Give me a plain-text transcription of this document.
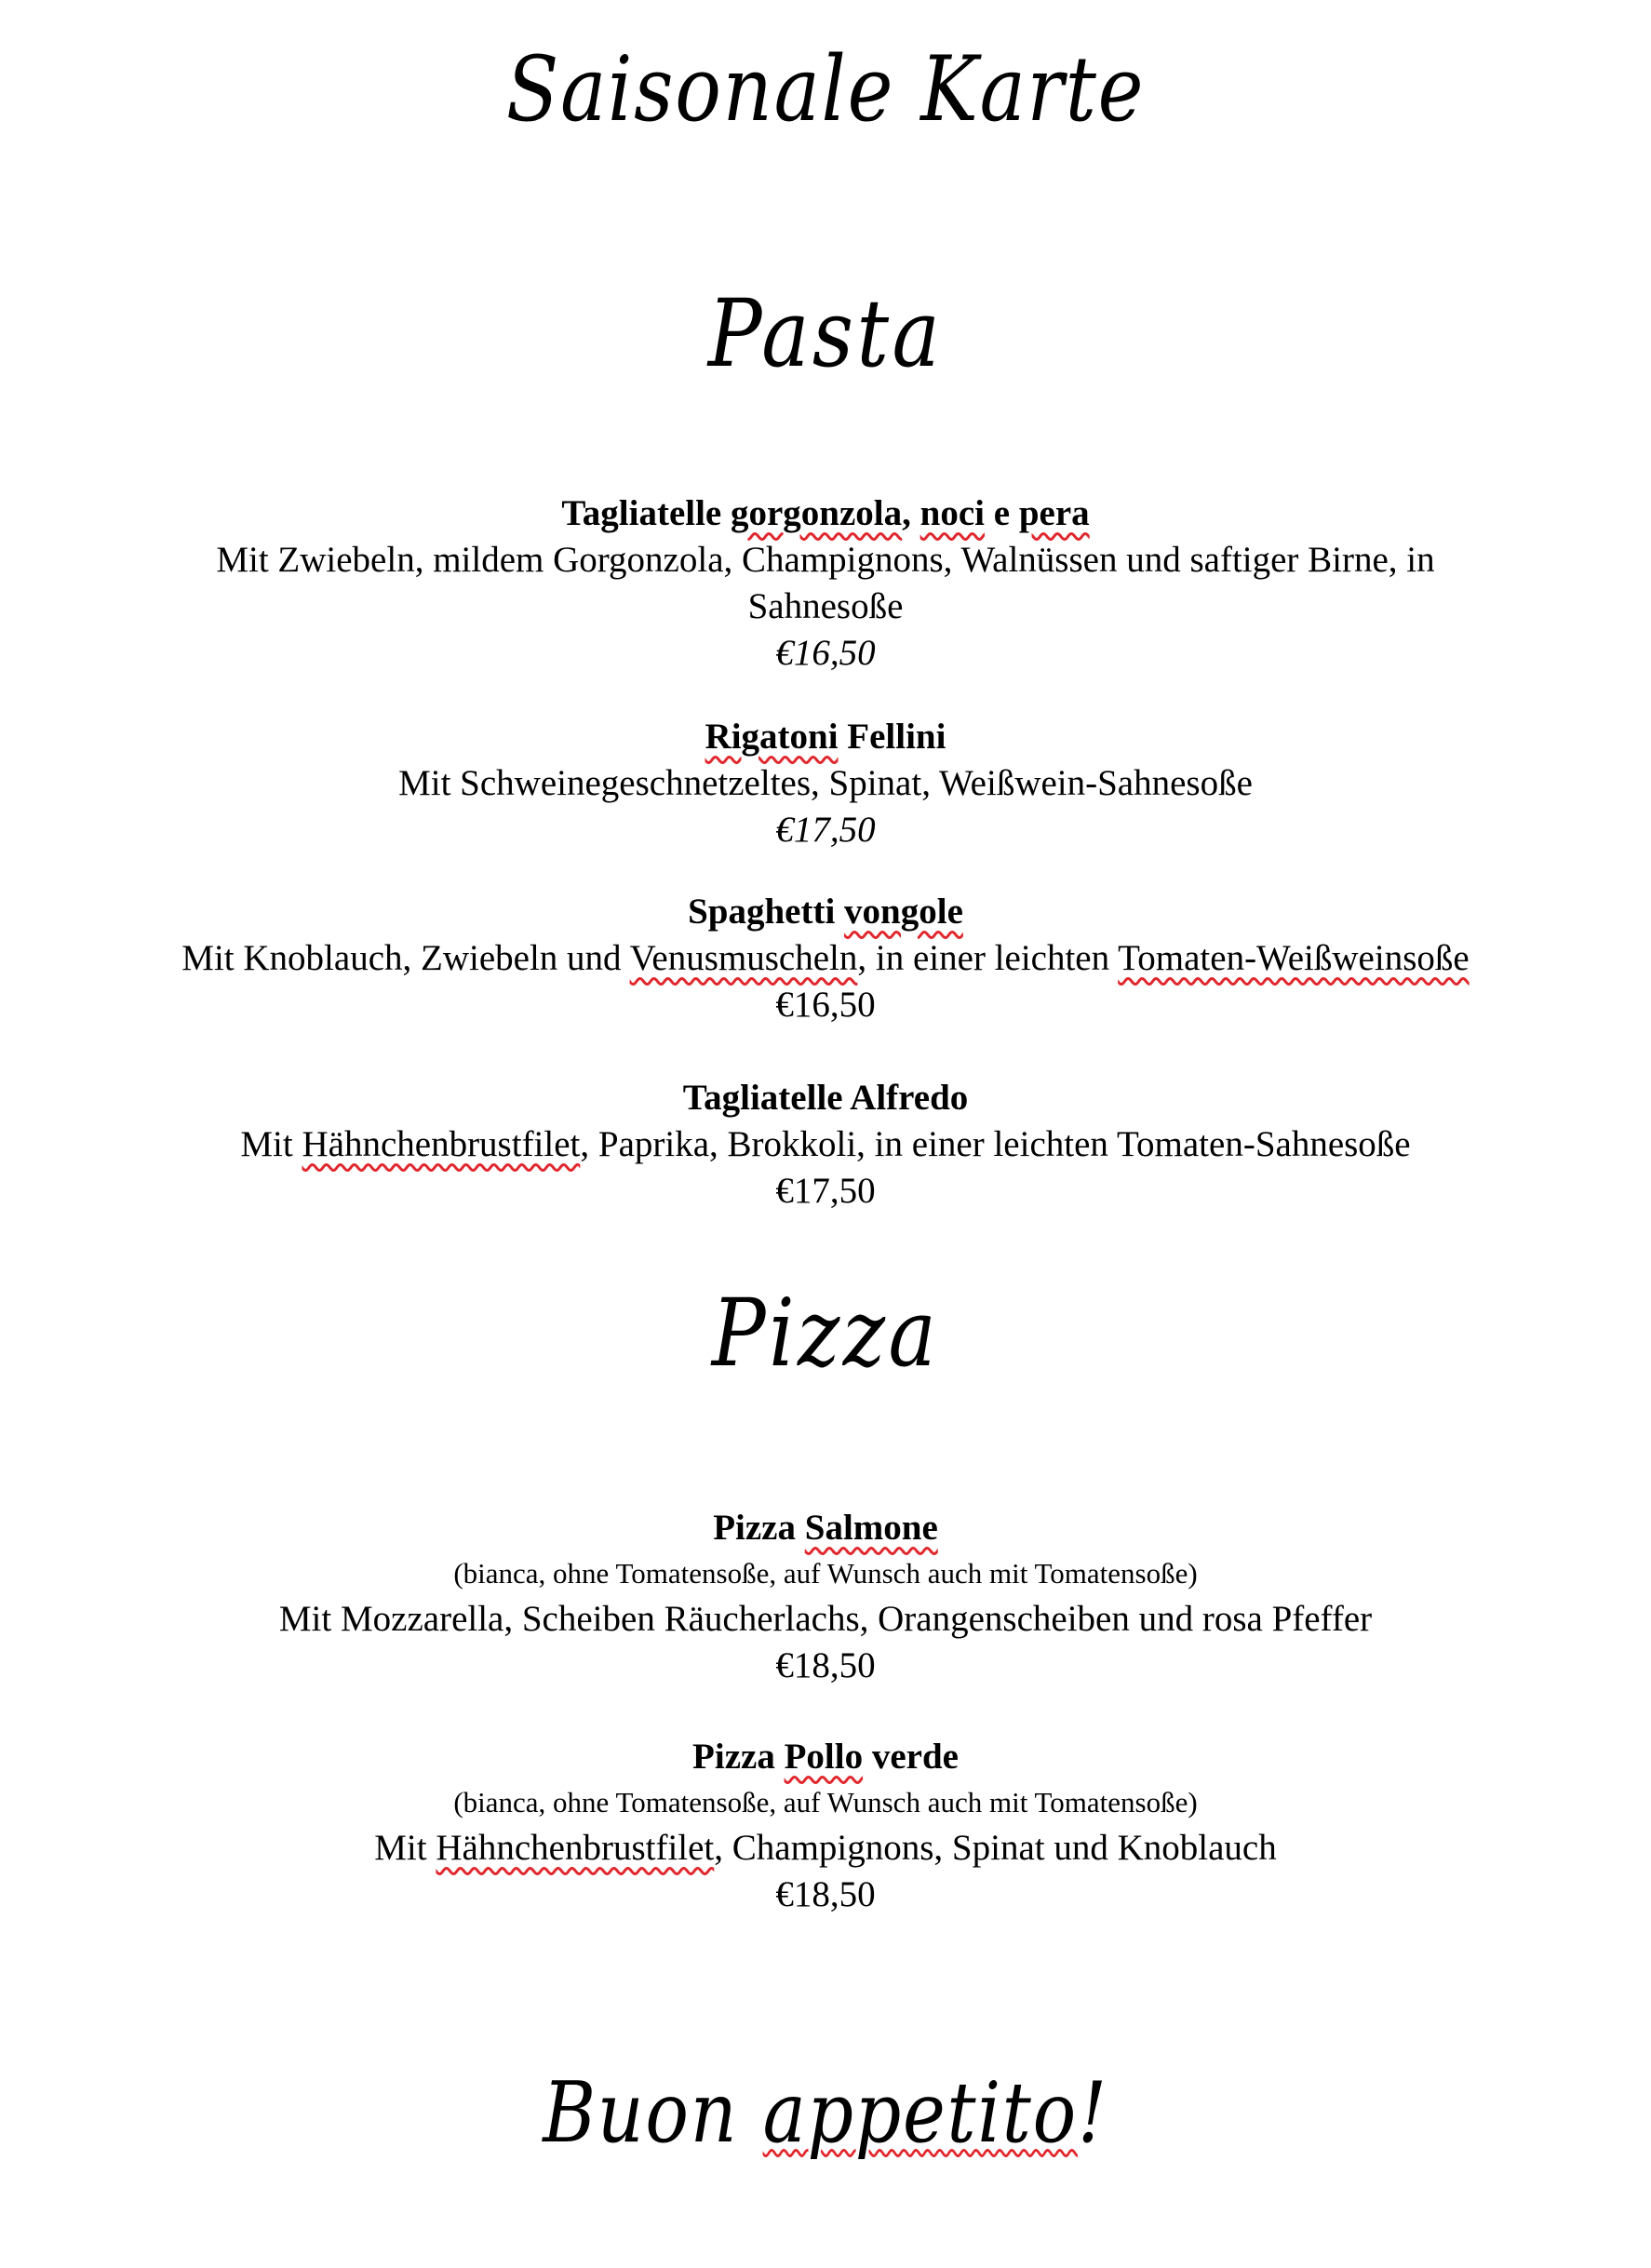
Saisonale Karte
Pasta
Tagliatelle gorgonzola, noci e pera
Mit Zwiebeln, mildem Gorgonzola, Champignons, Walnüssen und saftiger Birne, in
Sahnesoße
€16,50
Rigatoni Fellini
Mit Schweinegeschnetzeltes, Spinat, Weißwein-Sahnesoße
€17,50
Spaghetti vongole
Mit Knoblauch, Zwiebeln und Venusmuscheln, in einer leichten Tomaten-Weißweinsoße
€16,50
Tagliatelle Alfredo
Mit Hähnchenbrustfilet, Paprika, Brokkoli, in einer leichten Tomaten-Sahnesoße
€17,50
Pizza
Pizza Salmone
(bianca, ohne Tomatensoße, auf Wunsch auch mit Tomatensoße)
Mit Mozzarella, Scheiben Räucherlachs, Orangenscheiben und rosa Pfeffer
€18,50
Pizza Pollo verde
(bianca, ohne Tomatensoße, auf Wunsch auch mit Tomatensoße)
Mit Hähnchenbrustfilet, Champignons, Spinat und Knoblauch
€18,50
Buon appetito!
